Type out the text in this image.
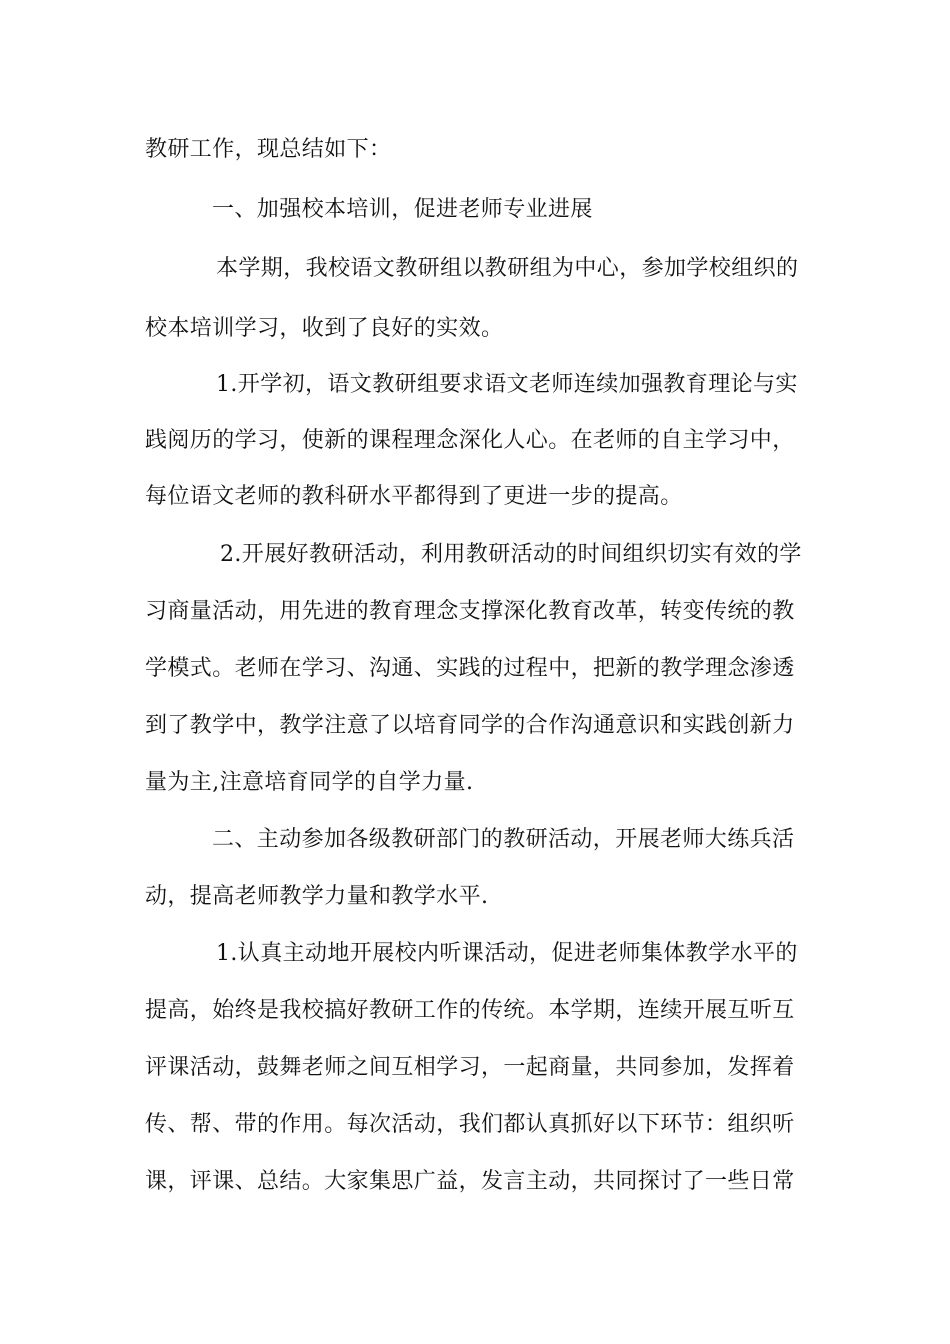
教研工作，现总结如下：
一、加强校本培训，促进老师专业进展
本学期，我校语文教研组以教研组为中心，参加学校组织的
校本培训学习，收到了良好的实效。
1.开学初，语文教研组要求语文老师连续加强教育理论与实
践阅历的学习，使新的课程理念深化人心。在老师的自主学习中，
每位语文老师的教科研水平都得到了更进一步的提高。
2.开展好教研活动，利用教研活动的时间组织切实有效的学
习商量活动，用先进的教育理念支撑深化教育改革，转变传统的教
学模式。老师在学习、沟通、实践的过程中，把新的教学理念渗透
到了教学中，教学注意了以培育同学的合作沟通意识和实践创新力
量为主,注意培育同学的自学力量.
二、主动参加各级教研部门的教研活动，开展老师大练兵活
动，提高老师教学力量和教学水平.
1.认真主动地开展校内听课活动，促进老师集体教学水平的
提高，始终是我校搞好教研工作的传统。本学期，连续开展互听互
评课活动，鼓舞老师之间互相学习，一起商量，共同参加，发挥着
传、帮、带的作用。每次活动，我们都认真抓好以下环节：组织听
课，评课、总结。大家集思广益，发言主动，共同探讨了一些日常
